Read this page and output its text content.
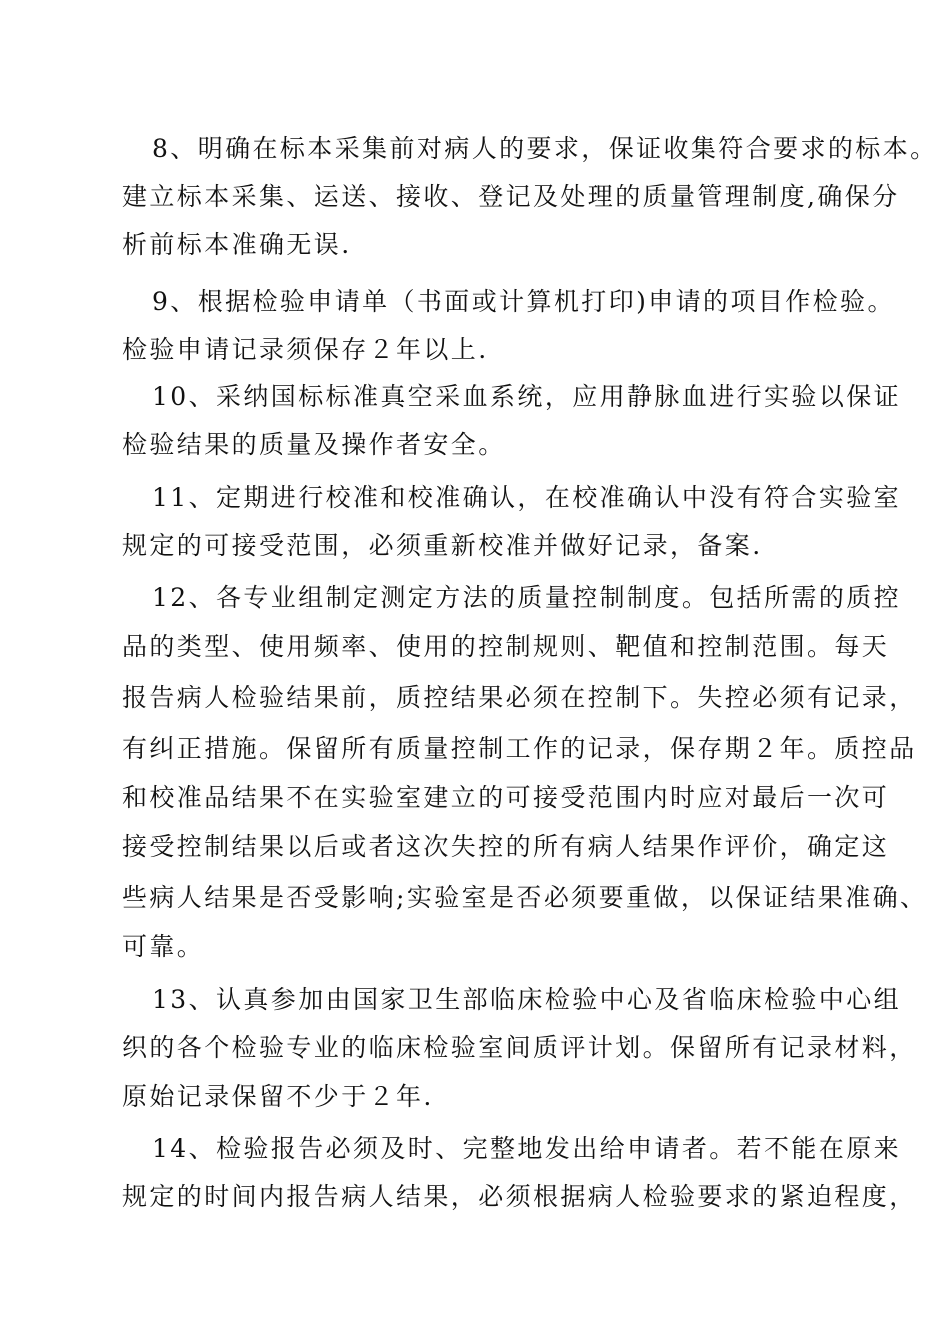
8、明确在标本采集前对病人的要求，保证收集符合要求的标本。
建立标本采集、运送、接收、登记及处理的质量管理制度,确保分
析前标本准确无误.
9、根据检验申请单（书面或计算机打印)申请的项目作检验。
检验申请记录须保存２年以上.
10、采纳国标标准真空采血系统，应用静脉血进行实验以保证
检验结果的质量及操作者安全。
11、定期进行校准和校准确认，在校准确认中没有符合实验室
规定的可接受范围，必须重新校准并做好记录，备案.
12、各专业组制定测定方法的质量控制制度。包括所需的质控
品的类型、使用频率、使用的控制规则、靶值和控制范围。每天
报告病人检验结果前，质控结果必须在控制下。失控必须有记录，
有纠正措施。保留所有质量控制工作的记录，保存期２年。质控品
和校准品结果不在实验室建立的可接受范围内时应对最后一次可
接受控制结果以后或者这次失控的所有病人结果作评价，确定这
些病人结果是否受影响;实验室是否必须要重做，以保证结果准确、
可靠。
13、认真参加由国家卫生部临床检验中心及省临床检验中心组
织的各个检验专业的临床检验室间质评计划。保留所有记录材料，
原始记录保留不少于２年.
14、检验报告必须及时、完整地发出给申请者。若不能在原来
规定的时间内报告病人结果，必须根据病人检验要求的紧迫程度，
